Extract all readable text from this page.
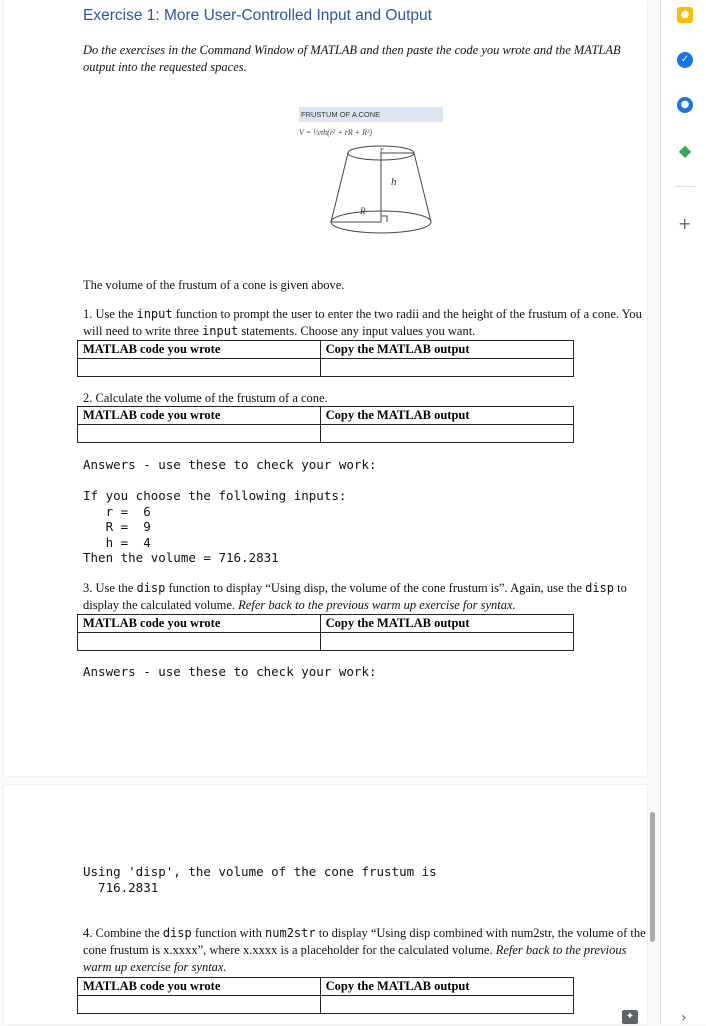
Exercise 1: More User-Controlled Input and Output
Do the exercises in the Command Window of MATLAB and then paste the code you wrote and the MATLAB output into the requested spaces.
FRUSTUM OF A CONE
V = ⅓πh(r² + rR + R²)
r
h
R
The volume of the frustum of a cone is given above.
1. Use the input function to prompt the user to enter the two radii and the height of the frustum of a cone. You will need to write three input statements. Choose any input values you want.
MATLAB code you wrote	Copy the MATLAB output

2. Calculate the volume of the frustum of a cone.
MATLAB code you wrote	Copy the MATLAB output

Answers - use these to check your work:

If you choose the following inputs:
r =  6
R =  9
h =  4
Then the volume = 716.2831
3. Use the disp function to display “Using disp, the volume of the cone frustum is”. Again, use the disp to display the calculated volume. Refer back to the previous warm up exercise for syntax.
MATLAB code you wrote	Copy the MATLAB output

Answers - use these to check your work:
Using 'disp', the volume of the cone frustum is
716.2831
4. Combine the disp function with num2str to display “Using disp combined with num2str, the volume of the cone frustum is x.xxxx”, where x.xxxx is a placeholder for the calculated volume. Refer back to the previous warm up exercise for syntax.
MATLAB code you wrote	Copy the MATLAB output

✦
●
✓
●
◆
+
›
